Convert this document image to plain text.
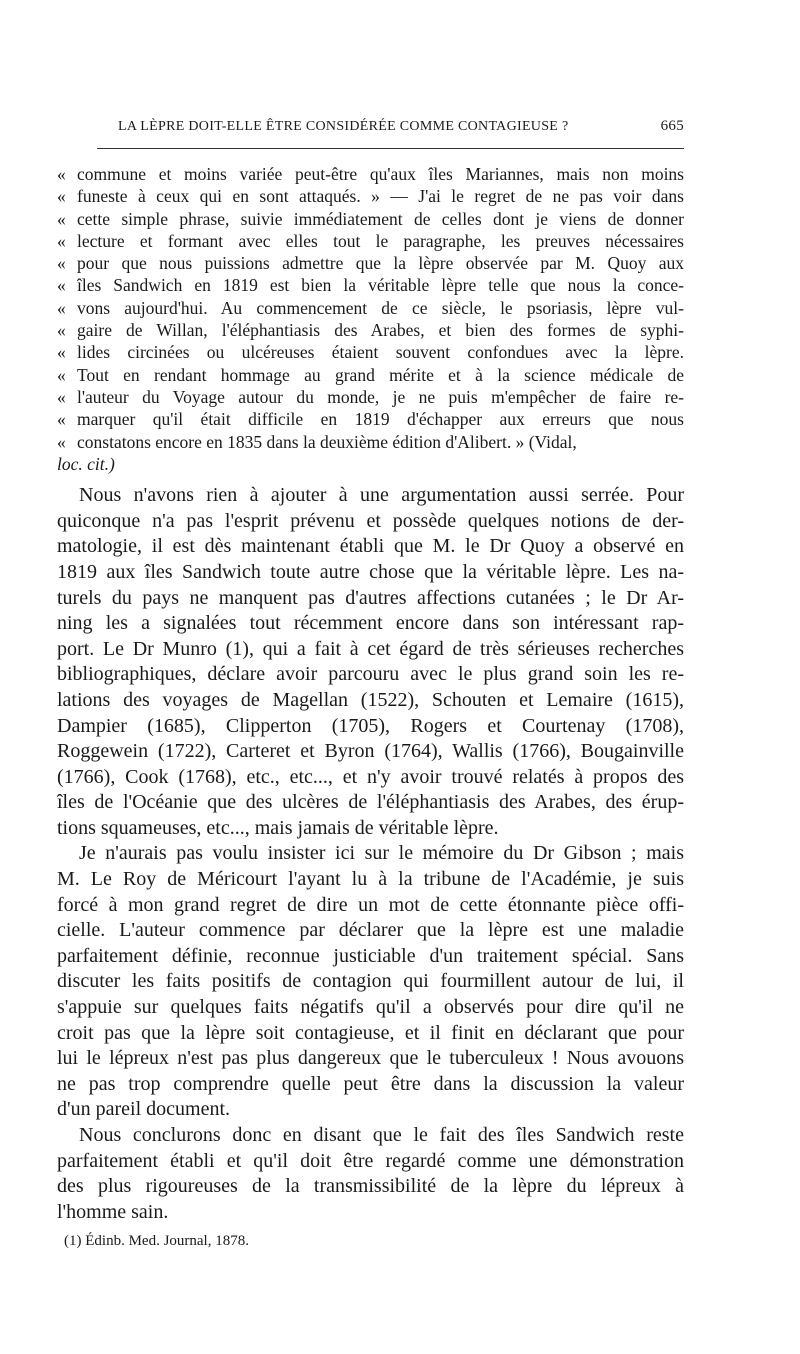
LA LÈPRE DOIT-ELLE ÊTRE CONSIDÉRÉE COMME CONTAGIEUSE ?	665
« commune et moins variée peut-être qu'aux îles Mariannes, mais non moins
« funeste à ceux qui en sont attaqués. » — J'ai le regret de ne pas voir dans
« cette simple phrase, suivie immédiatement de celles dont je viens de donner
« lecture et formant avec elles tout le paragraphe, les preuves nécessaires
« pour que nous puissions admettre que la lèpre observée par M. Quoy aux
« îles Sandwich en 1819 est bien la véritable lèpre telle que nous la conce-
« vons aujourd'hui. Au commencement de ce siècle, le psoriasis, lèpre vul-
« gaire de Willan, l'éléphantiasis des Arabes, et bien des formes de syphi-
« lides circinées ou ulcéreuses étaient souvent confondues avec la lèpre.
« Tout en rendant hommage au grand mérite et à la science médicale de
« l'auteur du Voyage autour du monde, je ne puis m'empêcher de faire re-
« marquer qu'il était difficile en 1819 d'échapper aux erreurs que nous
« constatons encore en 1835 dans la deuxième édition d'Alibert. » (Vidal,
loc. cit.)
Nous n'avons rien à ajouter à une argumentation aussi serrée. Pour
quiconque n'a pas l'esprit prévenu et possède quelques notions de der-
matologie, il est dès maintenant établi que M. le Dr Quoy a observé en
1819 aux îles Sandwich toute autre chose que la véritable lèpre. Les na-
turels du pays ne manquent pas d'autres affections cutanées ; le Dr Ar-
ning les a signalées tout récemment encore dans son intéressant rap-
port. Le Dr Munro (1), qui a fait à cet égard de très sérieuses recherches
bibliographiques, déclare avoir parcouru avec le plus grand soin les re-
lations des voyages de Magellan (1522), Schouten et Lemaire (1615),
Dampier (1685), Clipperton (1705), Rogers et Courtenay (1708),
Roggewein (1722), Carteret et Byron (1764), Wallis (1766), Bougainville
(1766), Cook (1768), etc., etc..., et n'y avoir trouvé relatés à propos des
îles de l'Océanie que des ulcères de l'éléphantiasis des Arabes, des érup-
tions squameuses, etc..., mais jamais de véritable lèpre.
Je n'aurais pas voulu insister ici sur le mémoire du Dr Gibson ; mais
M. Le Roy de Méricourt l'ayant lu à la tribune de l'Académie, je suis
forcé à mon grand regret de dire un mot de cette étonnante pièce offi-
cielle. L'auteur commence par déclarer que la lèpre est une maladie
parfaitement définie, reconnue justiciable d'un traitement spécial. Sans
discuter les faits positifs de contagion qui fourmillent autour de lui, il
s'appuie sur quelques faits négatifs qu'il a observés pour dire qu'il ne
croit pas que la lèpre soit contagieuse, et il finit en déclarant que pour
lui le lépreux n'est pas plus dangereux que le tuberculeux ! Nous avouons
ne pas trop comprendre quelle peut être dans la discussion la valeur
d'un pareil document.
Nous conclurons donc en disant que le fait des îles Sandwich reste
parfaitement établi et qu'il doit être regardé comme une démonstration
des plus rigoureuses de la transmissibilité de la lèpre du lépreux à
l'homme sain.
(1) Édinb. Med. Journal, 1878.
